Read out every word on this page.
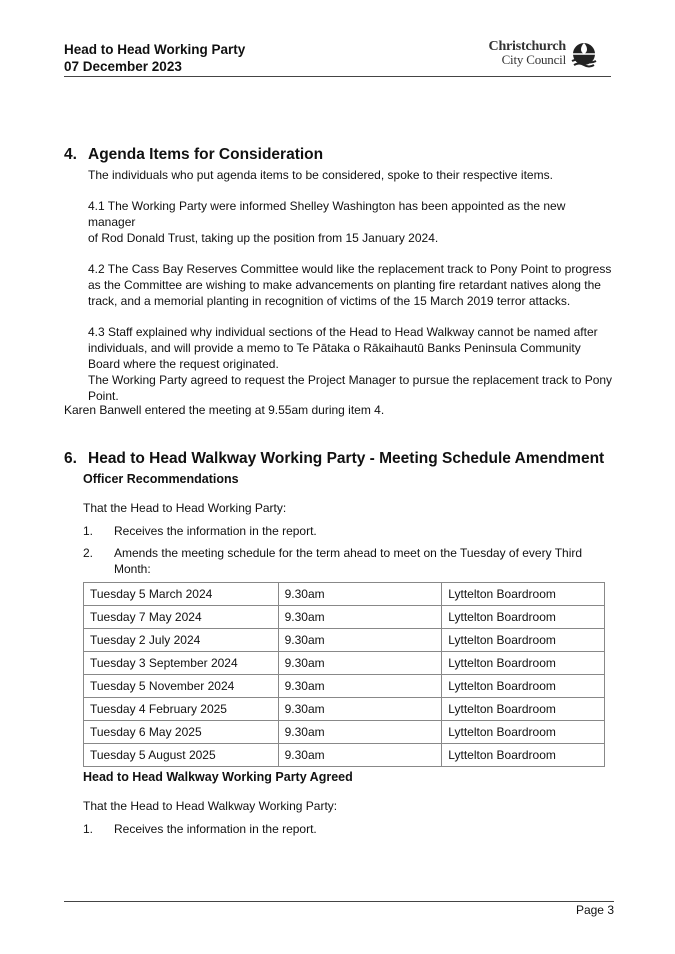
Head to Head Working Party
07 December 2023
Christchurch
City Council
4. Agenda Items for Consideration
The individuals who put agenda items to be considered, spoke to their respective items.
4.1 The Working Party were informed Shelley Washington has been appointed as the new manager
of Rod Donald Trust, taking up the position from 15 January 2024.
4.2 The Cass Bay Reserves Committee would like the replacement track to Pony Point to progress
as the Committee are wishing to make advancements on planting fire retardant natives along the
track, and a memorial planting in recognition of victims of the 15 March 2019 terror attacks.
4.3 Staff explained why individual sections of the Head to Head Walkway cannot be named after
individuals, and will provide a memo to Te Pātaka o Rākaihautū Banks Peninsula Community
Board where the request originated.
The Working Party agreed to request the Project Manager to pursue the replacement track to Pony
Point.
Karen Banwell entered the meeting at 9.55am during item 4.
6. Head to Head Walkway Working Party - Meeting Schedule Amendment
Officer Recommendations
That the Head to Head Working Party:
1. Receives the information in the report.
2. Amends the meeting schedule for the term ahead to meet on the Tuesday of every Third
Month:
Tuesday 5 March 2024	9.30am	Lyttelton Boardroom
Tuesday 7 May 2024	9.30am	Lyttelton Boardroom
Tuesday 2 July 2024	9.30am	Lyttelton Boardroom
Tuesday 3 September 2024	9.30am	Lyttelton Boardroom
Tuesday 5 November 2024	9.30am	Lyttelton Boardroom
Tuesday 4 February 2025	9.30am	Lyttelton Boardroom
Tuesday 6 May 2025	9.30am	Lyttelton Boardroom
Tuesday 5 August 2025	9.30am	Lyttelton Boardroom
Head to Head Walkway Working Party Agreed
That the Head to Head Walkway Working Party:
1. Receives the information in the report.
Page 3
